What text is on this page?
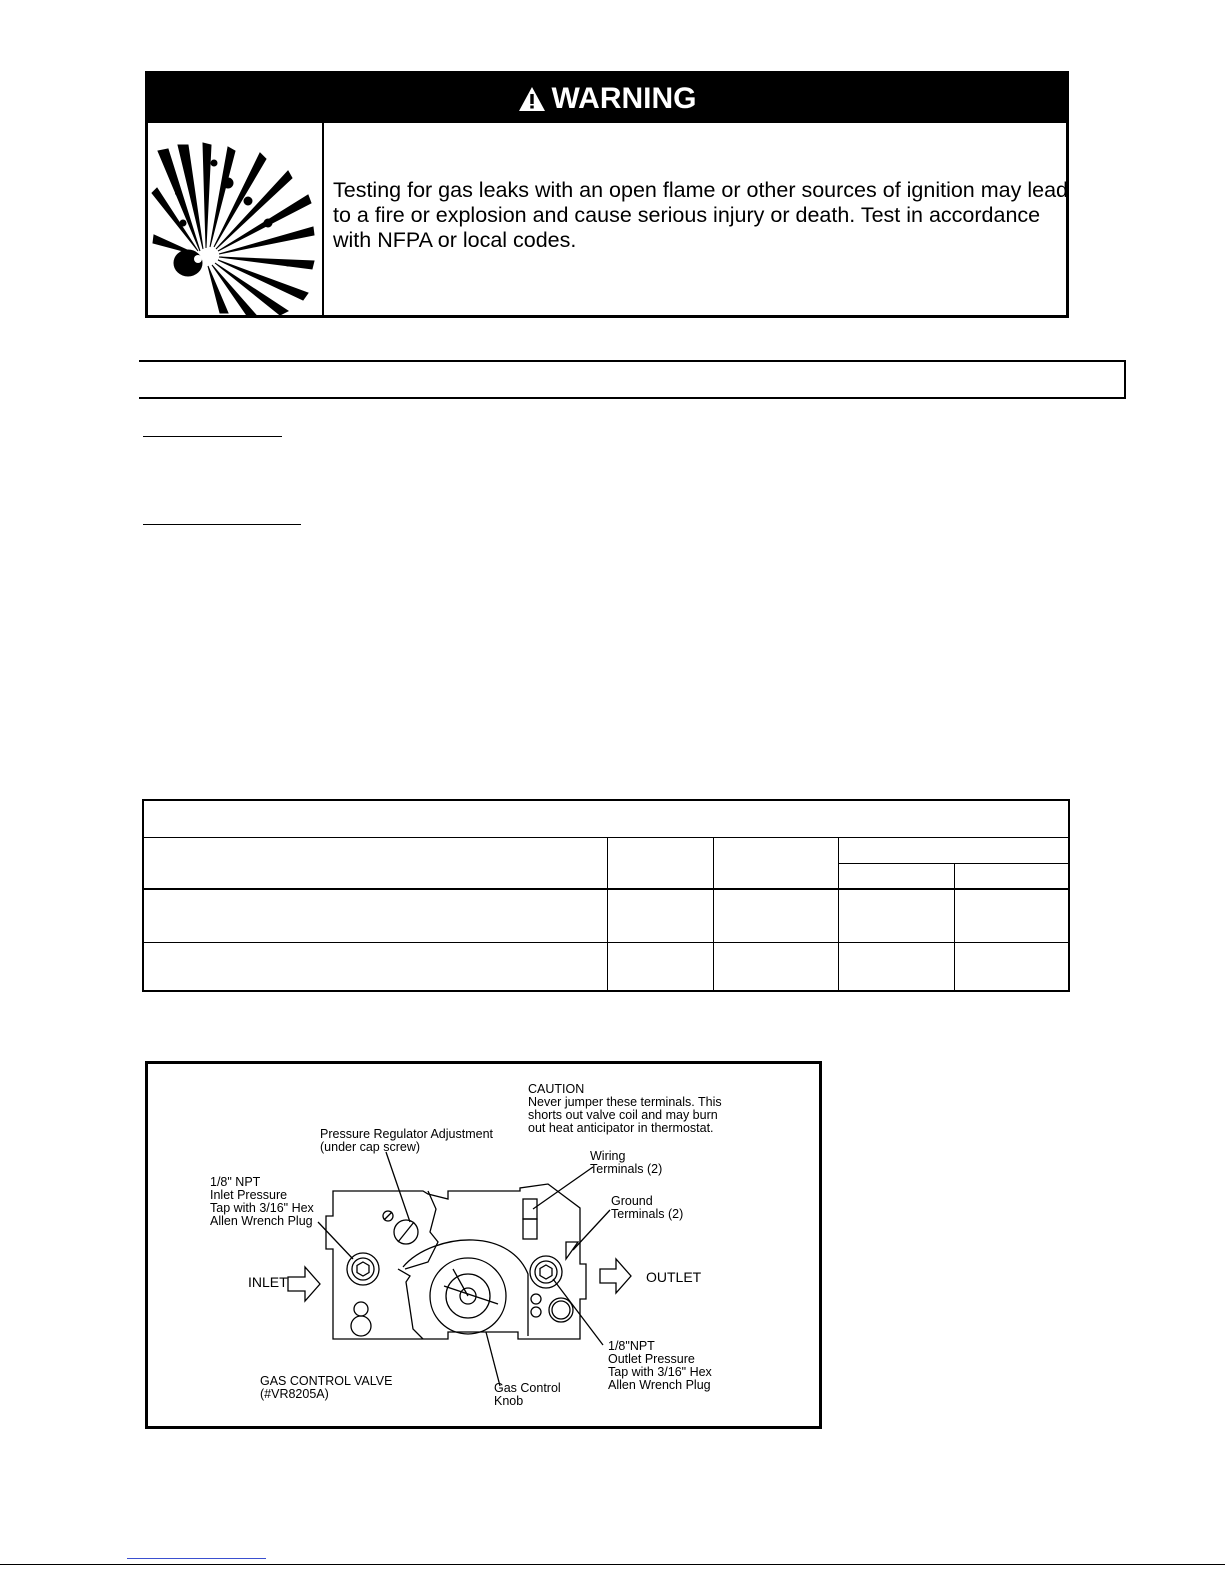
WARNING
Testing for gas leaks with an open flame or other sources of ignition may lead to a fire or explosion and cause serious injury or death. Test in accordance with NFPA or local codes.
CAUTION
Never jumper these terminals. This
shorts out valve coil and may burn
out heat anticipator in thermostat.
Pressure Regulator Adjustment
(under cap screw)
Wiring
Terminals (2)
Ground
Terminals (2)
1/8" NPT
Inlet Pressure
Tap with 3/16" Hex
Allen Wrench Plug
INLET	OUTLET
1/8"NPT
Outlet Pressure
Tap with 3/16" Hex
Allen Wrench Plug
GAS CONTROL VALVE
(#VR8205A)	Gas Control
Knob
